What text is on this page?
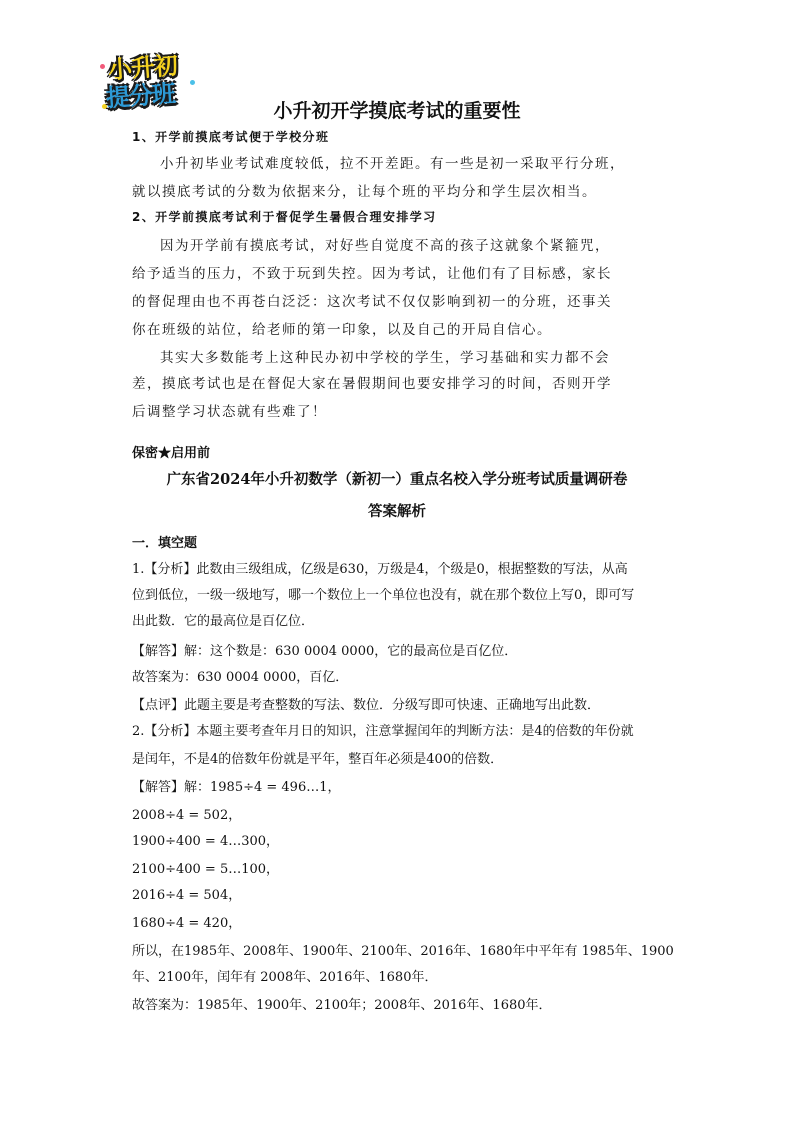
小升初
提分班	小升初开学摸底考试的重要性
1、开学前摸底考试便于学校分班
小升初毕业考试难度较低，拉不开差距。有一些是初一采取平行分班，
就以摸底考试的分数为依据来分，让每个班的平均分和学生层次相当。
2、开学前摸底考试利于督促学生暑假合理安排学习
因为开学前有摸底考试，对好些自觉度不高的孩子这就象个紧箍咒，
给予适当的压力，不致于玩到失控。因为考试，让他们有了目标感，家长
的督促理由也不再苍白泛泛：这次考试不仅仅影响到初一的分班，还事关
你在班级的站位，给老师的第一印象，以及自己的开局自信心。
其实大多数能考上这种民办初中学校的学生，学习基础和实力都不会
差，摸底考试也是在督促大家在暑假期间也要安排学习的时间，否则开学
后调整学习状态就有些难了！
保密★启用前
广东省2024年小升初数学（新初一）重点名校入学分班考试质量调研卷
答案解析
一．填空题
1.【分析】此数由三级组成，亿级是630，万级是4，个级是0，根据整数的写法，从高
位到低位，一级一级地写，哪一个数位上一个单位也没有，就在那个数位上写0，即可写
出此数．它的最高位是百亿位．
【解答】解：这个数是：630 0004 0000，它的最高位是百亿位．
故答案为：630 0004 0000，百亿．
【点评】此题主要是考查整数的写法、数位．分级写即可快速、正确地写出此数．
2.【分析】本题主要考查年月日的知识，注意掌握闰年的判断方法：是4的倍数的年份就
是闰年，不是4的倍数年份就是平年，整百年必须是400的倍数．
【解答】解：1985÷4 = 496…1，
2008÷4 = 502，
1900÷400 = 4…300，
2100÷400 = 5…100，
2016÷4 = 504，
1680÷4 = 420，
所以，在1985年、2008年、1900年、2100年、2016年、1680年中平年有 1985年、1900
年、2100年，闰年有 2008年、2016年、1680年．
故答案为：1985年、1900年、2100年；2008年、2016年、1680年．
